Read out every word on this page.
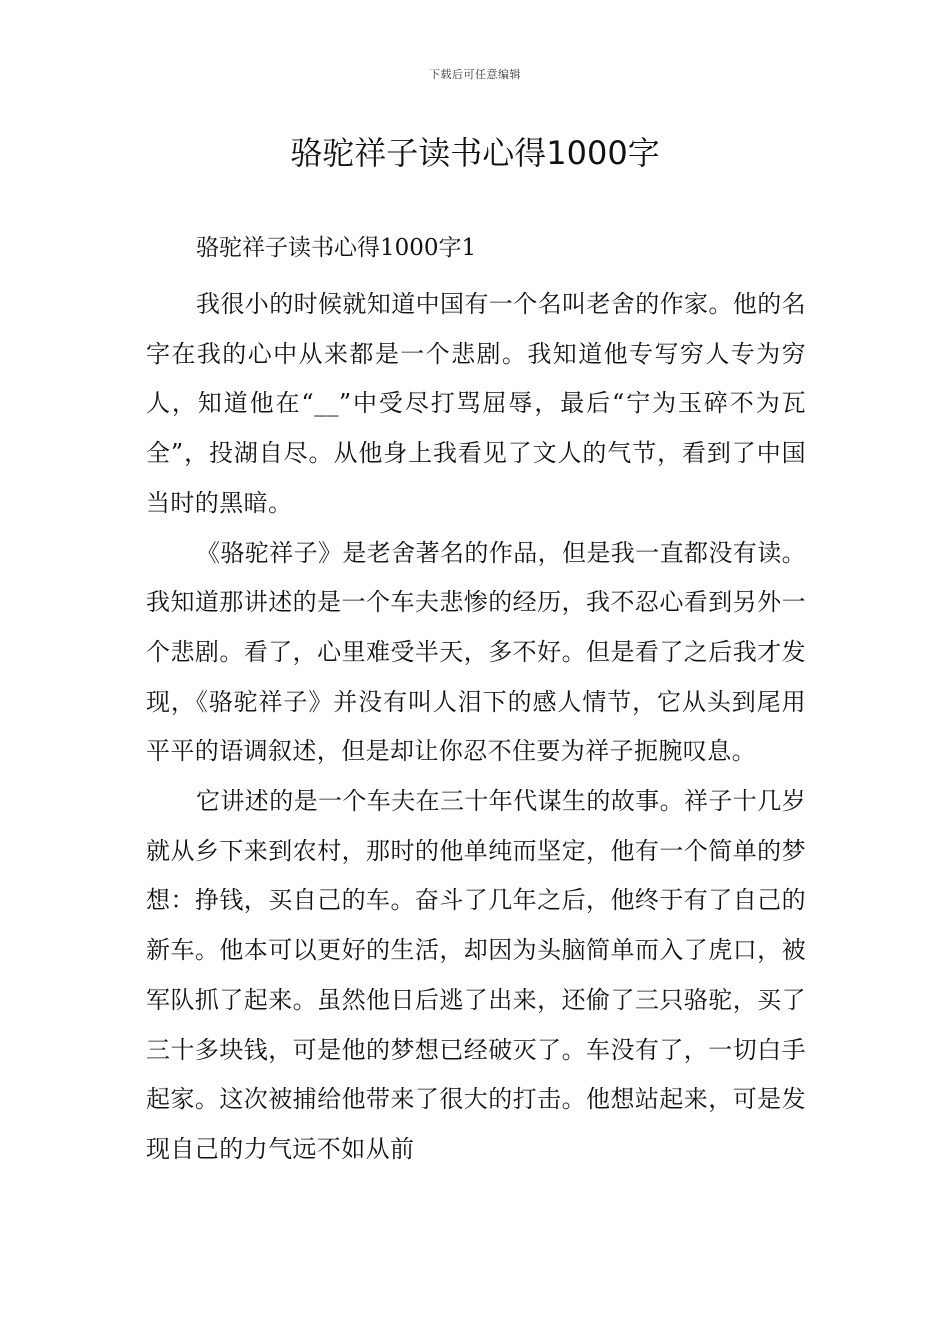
下载后可任意编辑
骆驼祥子读书心得1000字

骆驼祥子读书心得1000字1

我很小的时候就知道中国有一个名叫老舍的作家。他的名字在我的心中从来都是一个悲剧。我知道他专写穷人专为穷人，知道他在“__”中受尽打骂屈辱，最后“宁为玉碎不为瓦全”，投湖自尽。从他身上我看见了文人的气节，看到了中国当时的黑暗。

《骆驼祥子》是老舍著名的作品，但是我一直都没有读。我知道那讲述的是一个车夫悲惨的经历，我不忍心看到另外一个悲剧。看了，心里难受半天，多不好。但是看了之后我才发现，《骆驼祥子》并没有叫人泪下的感人情节，它从头到尾用平平的语调叙述，但是却让你忍不住要为祥子扼腕叹息。

它讲述的是一个车夫在三十年代谋生的故事。祥子十几岁就从乡下来到农村，那时的他单纯而坚定，他有一个简单的梦想：挣钱，买自己的车。奋斗了几年之后，他终于有了自己的新车。他本可以更好的生活，却因为头脑简单而入了虎口，被军队抓了起来。虽然他日后逃了出来，还偷了三只骆驼，买了三十多块钱，可是他的梦想已经破灭了。车没有了，一切白手起家。这次被捕给他带来了很大的打击。他想站起来，可是发现自己的力气远不如从前
